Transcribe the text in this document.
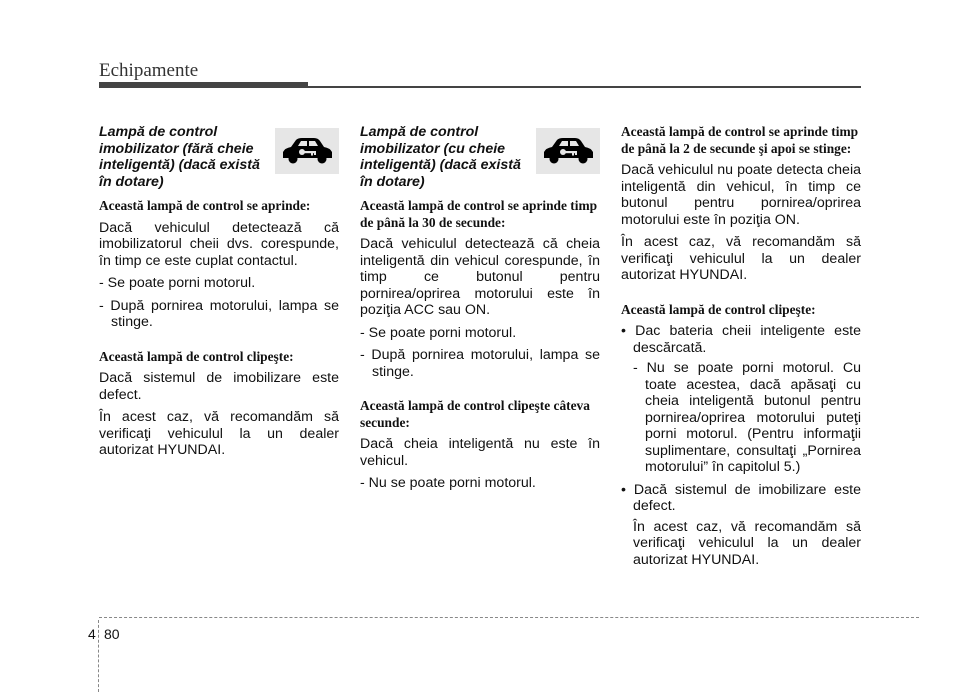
Echipamente
Lampă de control imobilizator (fără cheie inteligentă) (dacă există în dotare)
Această lampă de control se aprinde:
Dacă vehiculul detectează că imobilizatorul cheii dvs. corespunde, în timp ce este cuplat contactul.
- Se poate porni motorul.
- După pornirea motorului, lampa se stinge.
Această lampă de control clipeşte:
Dacă sistemul de imobilizare este defect.
În acest caz, vă recomandăm să verificaţi vehiculul la un dealer autorizat HYUNDAI.
Lampă de control imobilizator (cu cheie inteligentă) (dacă există în dotare)
Această lampă de control se aprinde timp de până la 30 de secunde:
Dacă vehiculul detectează că cheia inteligentă din vehicul corespunde, în timp ce butonul pentru pornirea/oprirea motorului este în poziţia ACC sau ON.
- Se poate porni motorul.
- După pornirea motorului, lampa se stinge.
Această lampă de control clipeşte câteva secunde:
Dacă cheia inteligentă nu este în vehicul.
- Nu se poate porni motorul.
Această lampă de control se aprinde timp de până la 2 de secunde şi apoi se stinge:
Dacă vehiculul nu poate detecta cheia inteligentă din vehicul, în timp ce butonul pentru pornirea/oprirea motorului este în poziţia ON.
În acest caz, vă recomandăm să verificaţi vehiculul la un dealer autorizat HYUNDAI.
Această lampă de control clipeşte:
• Dac bateria cheii inteligente este descărcată.
- Nu se poate porni motorul. Cu toate acestea, dacă apăsaţi cu cheia inteligentă butonul pentru pornirea/oprirea motorului puteţi porni motorul. (Pentru informaţii suplimentare, consultaţi „Pornirea motorului” în capitolul 5.)
• Dacă sistemul de imobilizare este defect.
În acest caz, vă recomandăm să verificaţi vehiculul la un dealer autorizat HYUNDAI.
4 80
